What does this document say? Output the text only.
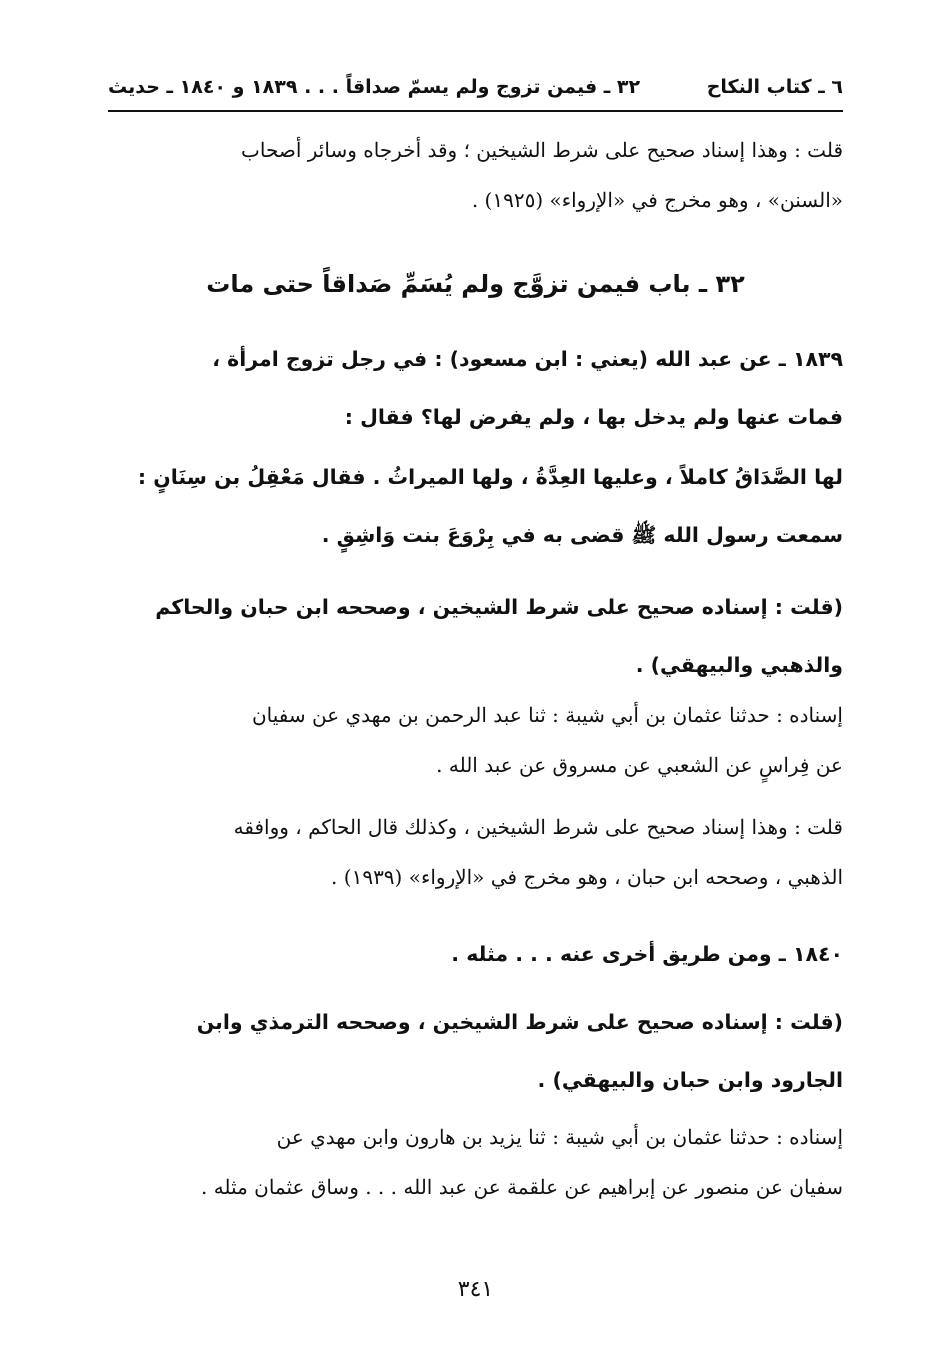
٦ ـ كتاب النكاح
٣٢ ـ فيمن تزوج ولم يسمّ صداقاً . . . ١٨٣٩ و ١٨٤٠ ـ حديث
قلت : وهذا إسناد صحيح على شرط الشيخين ؛ وقد أخرجاه وسائر أصحاب
«السنن» ، وهو مخرج في «الإرواء» (١٩٢٥) .
٣٢ ـ باب فيمن تزوَّج ولم يُسَمِّ صَداقاً حتى مات
١٨٣٩ ـ عن عبد الله (يعني : ابن مسعود) : في رجل تزوج امرأة ،
فمات عنها ولم يدخل بها ، ولم يفرض لها؟ فقال :
لها الصَّدَاقُ كاملاً ، وعليها العِدَّةُ ، ولها الميراثُ . فقال مَعْقِلُ بن سِنَانٍ :
سمعت رسول الله ﷺ قضى به في بِرْوَعَ بنت وَاشِقٍ .
(قلت : إسناده صحيح على شرط الشيخين ، وصححه ابن حبان والحاكم
والذهبي والبيهقي) .
إسناده : حدثنا عثمان بن أبي شيبة : ثنا عبد الرحمن بن مهدي عن سفيان
عن فِراسٍ عن الشعبي عن مسروق عن عبد الله .
قلت : وهذا إسناد صحيح على شرط الشيخين ، وكذلك قال الحاكم ، ووافقه
الذهبي ، وصححه ابن حبان ، وهو مخرج في «الإرواء» (١٩٣٩) .
١٨٤٠ ـ ومن طريق أخرى عنه . . . مثله .
(قلت : إسناده صحيح على شرط الشيخين ، وصححه الترمذي وابن
الجارود وابن حبان والبيهقي) .
إسناده : حدثنا عثمان بن أبي شيبة : ثنا يزيد بن هارون وابن مهدي عن
سفيان عن منصور عن إبراهيم عن علقمة عن عبد الله . . . وساق عثمان مثله .
٣٤١
